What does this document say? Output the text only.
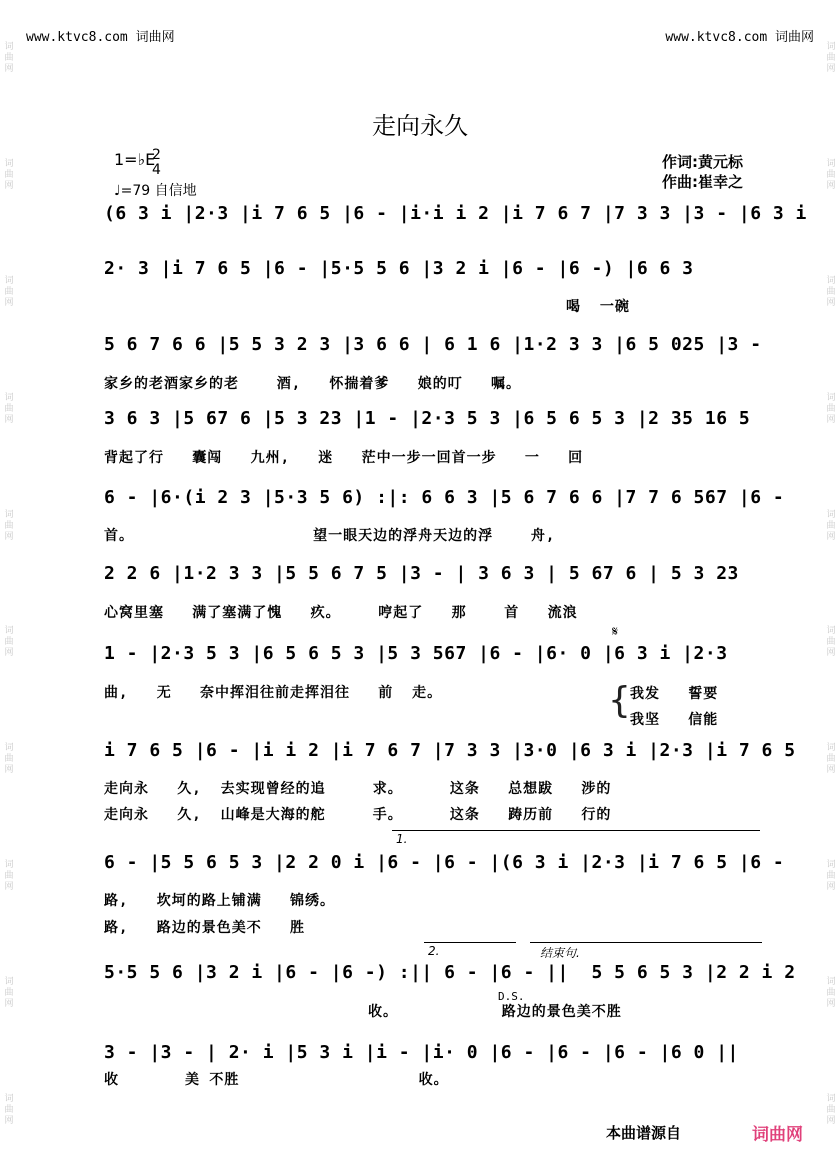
词
曲
网
词
曲
网
词
曲
网
词
曲
网
词
曲
网
词
曲
网
词
曲
网
词
曲
网
词
曲
网
词
曲
网
词
曲
网
词
曲
网
词
曲
网
词
曲
网
词
曲
网
词
曲
网
词
曲
网
词
曲
网
词
曲
网
词
曲
网
www.ktvc8.com 词曲网	www.ktvc8.com 词曲网
走向永久
1=♭E
2
4
♩=79 自信地
作词:黄元标
作曲:崔幸之
(6 3 i |2·3 |i 7 6 5 |6 - |i·i i 2 |i 7 6 7 |7 3 3 |3 - |6 3 i
2· 3 |i 7 6 5 |6 - |5·5 5 6 |3 2 i |6 - |6 -) |6 6 3
喝  一碗
5 6 7 6 6 |5 5 3 2 3 |3 6 6 | 6 1 6 |1·2 3 3 |6 5 025 |3 -
家乡的老酒家乡的老    酒,   怀揣着爹   娘的叮   嘱。
3 6 3 |5 67 6 |5 3 23 |1 - |2·3 5 3 |6 5 6 5 3 |2 35 16 5
背起了行   囊闯   九州,   迷   茫中一步一回首一步   一   回
6 - |6·(i 2 3 |5·3 5 6) :|: 6 6 3 |5 6 7 6 6 |7 7 6 567 |6 -
首。                   望一眼天边的浮舟天边的浮    舟,
2 2 6 |1·2 3 3 |5 5 6 7 5 |3 - | 3 6 3 | 5 67 6 | 5 3 23
心窝里塞   满了塞满了愧   疚。    哼起了   那    首   流浪
𝄋
1 - |2·3 5 3 |6 5 6 5 3 |5 3 567 |6 - |6· 0 |6 3 i |2·3
曲,   无   奈中挥泪往前走挥泪往   前  走。	{ 我发   誓要
我坚   信能
i 7 6 5 |6 - |i i 2 |i 7 6 7 |7 3 3 |3·0 |6 3 i |2·3 |i 7 6 5
走向永   久,  去实现曾经的追     求。     这条   总想跋   涉的
走向永   久,  山峰是大海的舵     手。     这条   踌历前   行的
1.
6 - |5 5 6 5 3 |2 2 0 i |6 - |6 - |(6 3 i |2·3 |i 7 6 5 |6 -
路,   坎坷的路上铺满   锦绣。
路,   路边的景色美不   胜
2.	结束句.
5·5 5 6 |3 2 i |6 - |6 -) :|| 6 - |6 - ||  5 5 6 5 3 |2 2 i 2
D.S.
收。           路边的景色美不胜
3 - |3 - | 2· i |5 3 i |i - |i· 0 |6 - |6 - |6 - |6 0 ||
收       美 不胜                   收。
本曲谱源自	词曲网
